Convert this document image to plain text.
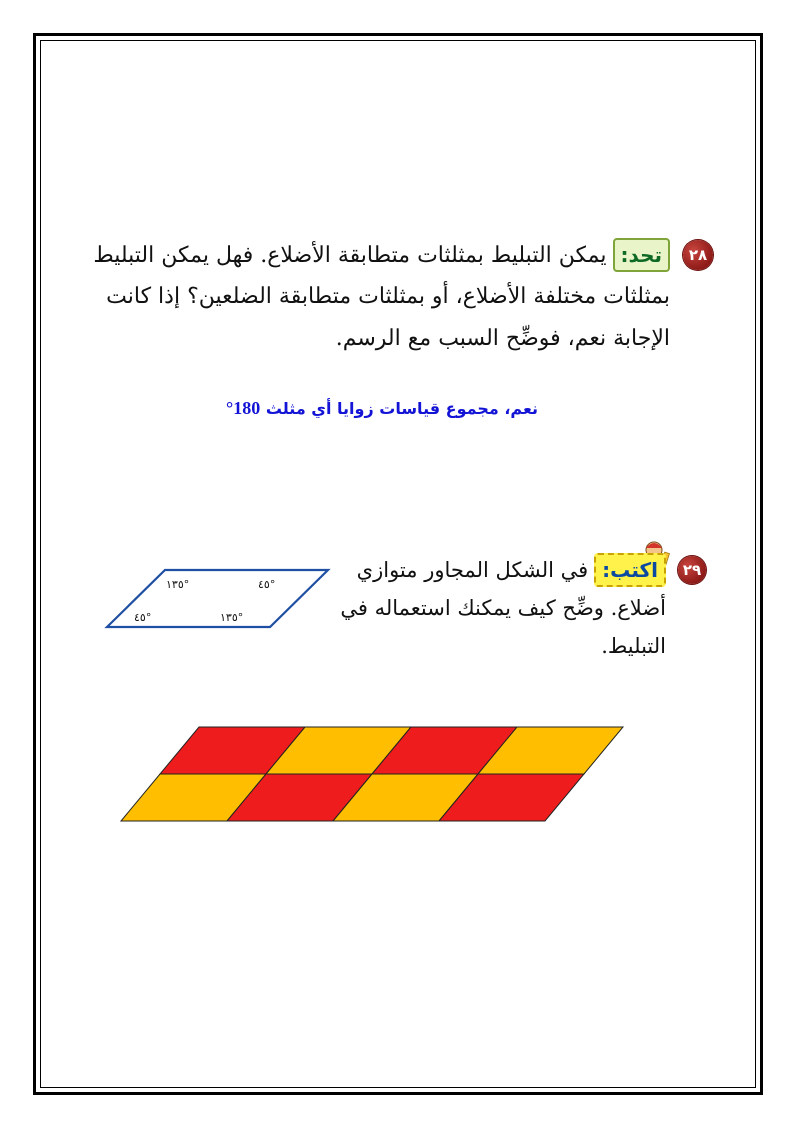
٢٨
تحد:يمكن التبليط بمثلثات متطابقة الأضلاع. فهل يمكن التبليط
بمثلثات مختلفة الأضلاع، أو بمثلثات متطابقة الضلعين؟ إذا كانت
الإجابة نعم، فوضِّح السبب مع الرسم.
نعم، مجموع قياسات زوايا أي مثلث 180°
٢٩
اكتب:في الشكل المجاور متوازي
أضلاع. وضِّح كيف يمكنك استعماله في
التبليط.
١٣٥°	٤٥°
٤٥°	١٣٥°
